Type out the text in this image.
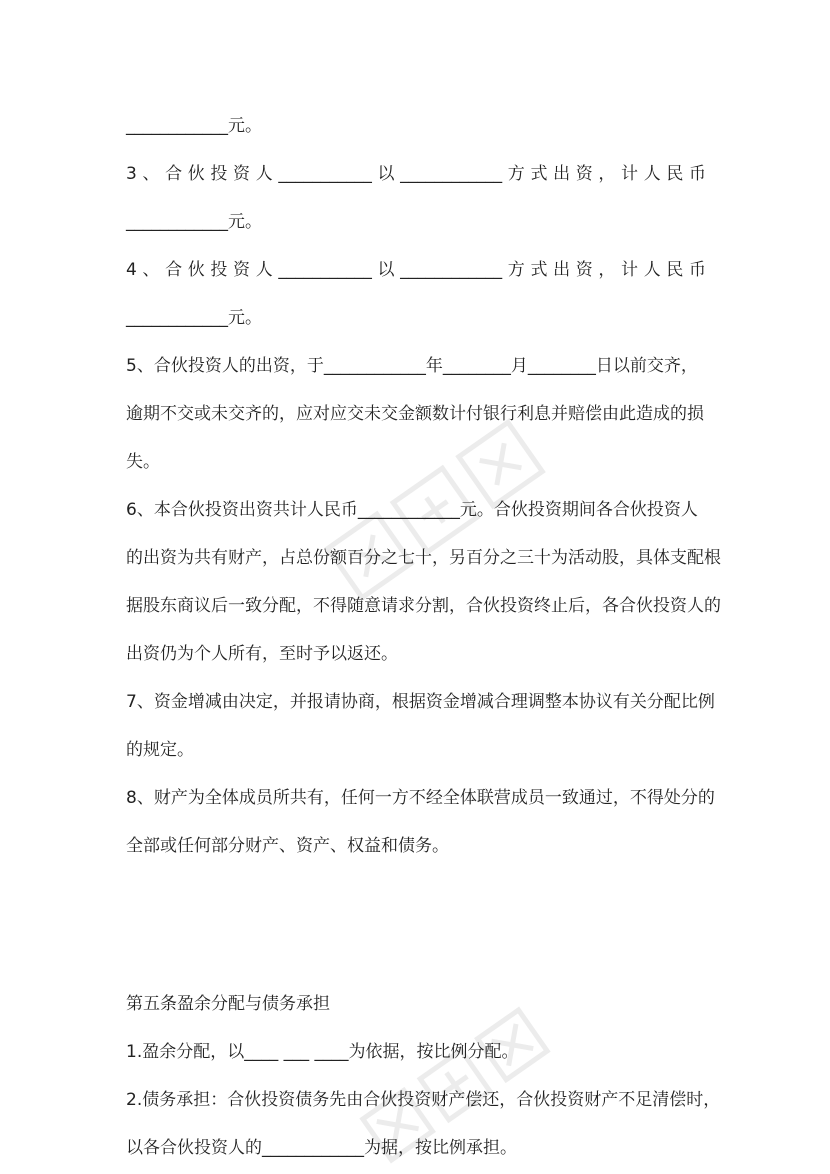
____________元。

3、合伙投资人___________以____________方式出资，计人民币

____________元。

4、合伙投资人___________以____________方式出资，计人民币

____________元。

5、合伙投资人的出资，于____________年________月________日以前交齐，

逾期不交或未交齐的，应对应交未交金额数计付银行利息并赔偿由此造成的损

失。

6、本合伙投资出资共计人民币____________元。合伙投资期间各合伙投资人

的出资为共有财产，占总份额百分之七十，另百分之三十为活动股，具体支配根

据股东商议后一致分配，不得随意请求分割，合伙投资终止后，各合伙投资人的

出资仍为个人所有，至时予以返还。

7、资金增减由决定，并报请协商，根据资金增减合理调整本协议有关分配比例

的规定。

8、财产为全体成员所共有，任何一方不经全体联营成员一致通过，不得处分的

全部或任何部分财产、资产、权益和债务。

第五条盈余分配与债务承担

1.盈余分配，以____ ___ ____为依据，按比例分配。

2.债务承担：合伙投资债务先由合伙投资财产偿还，合伙投资财产不足清偿时，

以各合伙投资人的____________为据，按比例承担。
